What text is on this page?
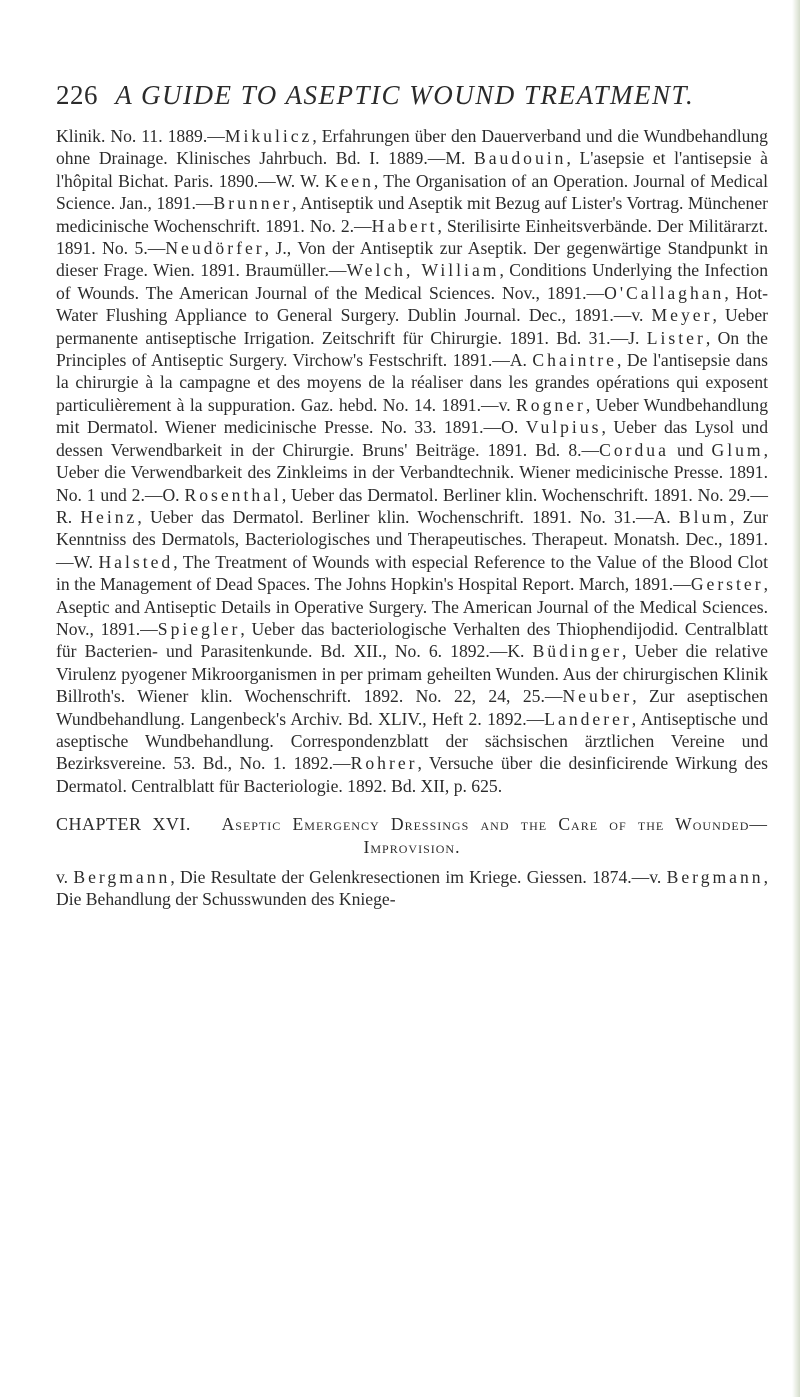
226 A GUIDE TO ASEPTIC WOUND TREATMENT.

Klinik. No. 11. 1889.—Mikulicz, Erfahrungen über den Dauerverband und die Wundbehandlung ohne Drainage. Klinisches Jahrbuch. Bd. I. 1889.—M. Baudouin, L'asepsie et l'antisepsie à l'hôpital Bichat. Paris. 1890.—W. W. Keen, The Organisation of an Operation. Journal of Medical Science. Jan., 1891.—Brunner, Antiseptik und Aseptik mit Bezug auf Lister's Vortrag. Münchener medicinische Wochenschrift. 1891. No. 2.—Habert, Sterilisirte Einheitsverbände. Der Militärarzt. 1891. No. 5.—Neudörfer, J., Von der Antiseptik zur Aseptik. Der gegenwärtige Standpunkt in dieser Frage. Wien. 1891. Braumüller.—Welch, William, Conditions Underlying the Infection of Wounds. The American Journal of the Medical Sciences. Nov., 1891.—O'Callaghan, Hot-Water Flushing Appliance to General Surgery. Dublin Journal. Dec., 1891.—v. Meyer, Ueber permanente antiseptische Irrigation. Zeitschrift für Chirurgie. 1891. Bd. 31.—J. Lister, On the Principles of Antiseptic Surgery. Virchow's Festschrift. 1891.—A. Chaintre, De l'antisepsie dans la chirurgie à la campagne et des moyens de la réaliser dans les grandes opérations qui exposent particulièrement à la suppuration. Gaz. hebd. No. 14. 1891.—v. Rogner, Ueber Wundbehandlung mit Dermatol. Wiener medicinische Presse. No. 33. 1891.—O. Vulpius, Ueber das Lysol und dessen Verwendbarkeit in der Chirurgie. Bruns' Beiträge. 1891. Bd. 8.—Cordua und Glum, Ueber die Verwendbarkeit des Zinkleims in der Verbandtechnik. Wiener medicinische Presse. 1891. No. 1 und 2.—O. Rosenthal, Ueber das Dermatol. Berliner klin. Wochenschrift. 1891. No. 29.—R. Heinz, Ueber das Dermatol. Berliner klin. Wochenschrift. 1891. No. 31.—A. Blum, Zur Kenntniss des Dermatols, Bacteriologisches und Therapeutisches. Therapeut. Monatsh. Dec., 1891.—W. Halsted, The Treatment of Wounds with especial Reference to the Value of the Blood Clot in the Management of Dead Spaces. The Johns Hopkin's Hospital Report. March, 1891.—Gerster, Aseptic and Antiseptic Details in Operative Surgery. The American Journal of the Medical Sciences. Nov., 1891.—Spiegler, Ueber das bacteriologische Verhalten des Thiophendijodid. Centralblatt für Bacterien- und Parasitenkunde. Bd. XII., No. 6. 1892.—K. Büdinger, Ueber die relative Virulenz pyogener Mikroorganismen in per primam geheilten Wunden. Aus der chirurgischen Klinik Billroth's. Wiener klin. Wochenschrift. 1892. No. 22, 24, 25.—Neuber, Zur aseptischen Wundbehandlung. Langenbeck's Archiv. Bd. XLIV., Heft 2. 1892.—Landerer, Antiseptische und aseptische Wundbehandlung. Correspondenzblatt der sächsischen ärztlichen Vereine und Bezirksvereine. 53. Bd., No. 1. 1892.—Rohrer, Versuche über die desinficirende Wirkung des Dermatol. Centralblatt für Bacteriologie. 1892. Bd. XII, p. 625.

CHAPTER XVI. Aseptic Emergency Dressings and the Care of the Wounded—Improvision.

v. Bergmann, Die Resultate der Gelenkresectionen im Kriege. Giessen. 1874.—v. Bergmann, Die Behandlung der Schusswunden des Kniege-
